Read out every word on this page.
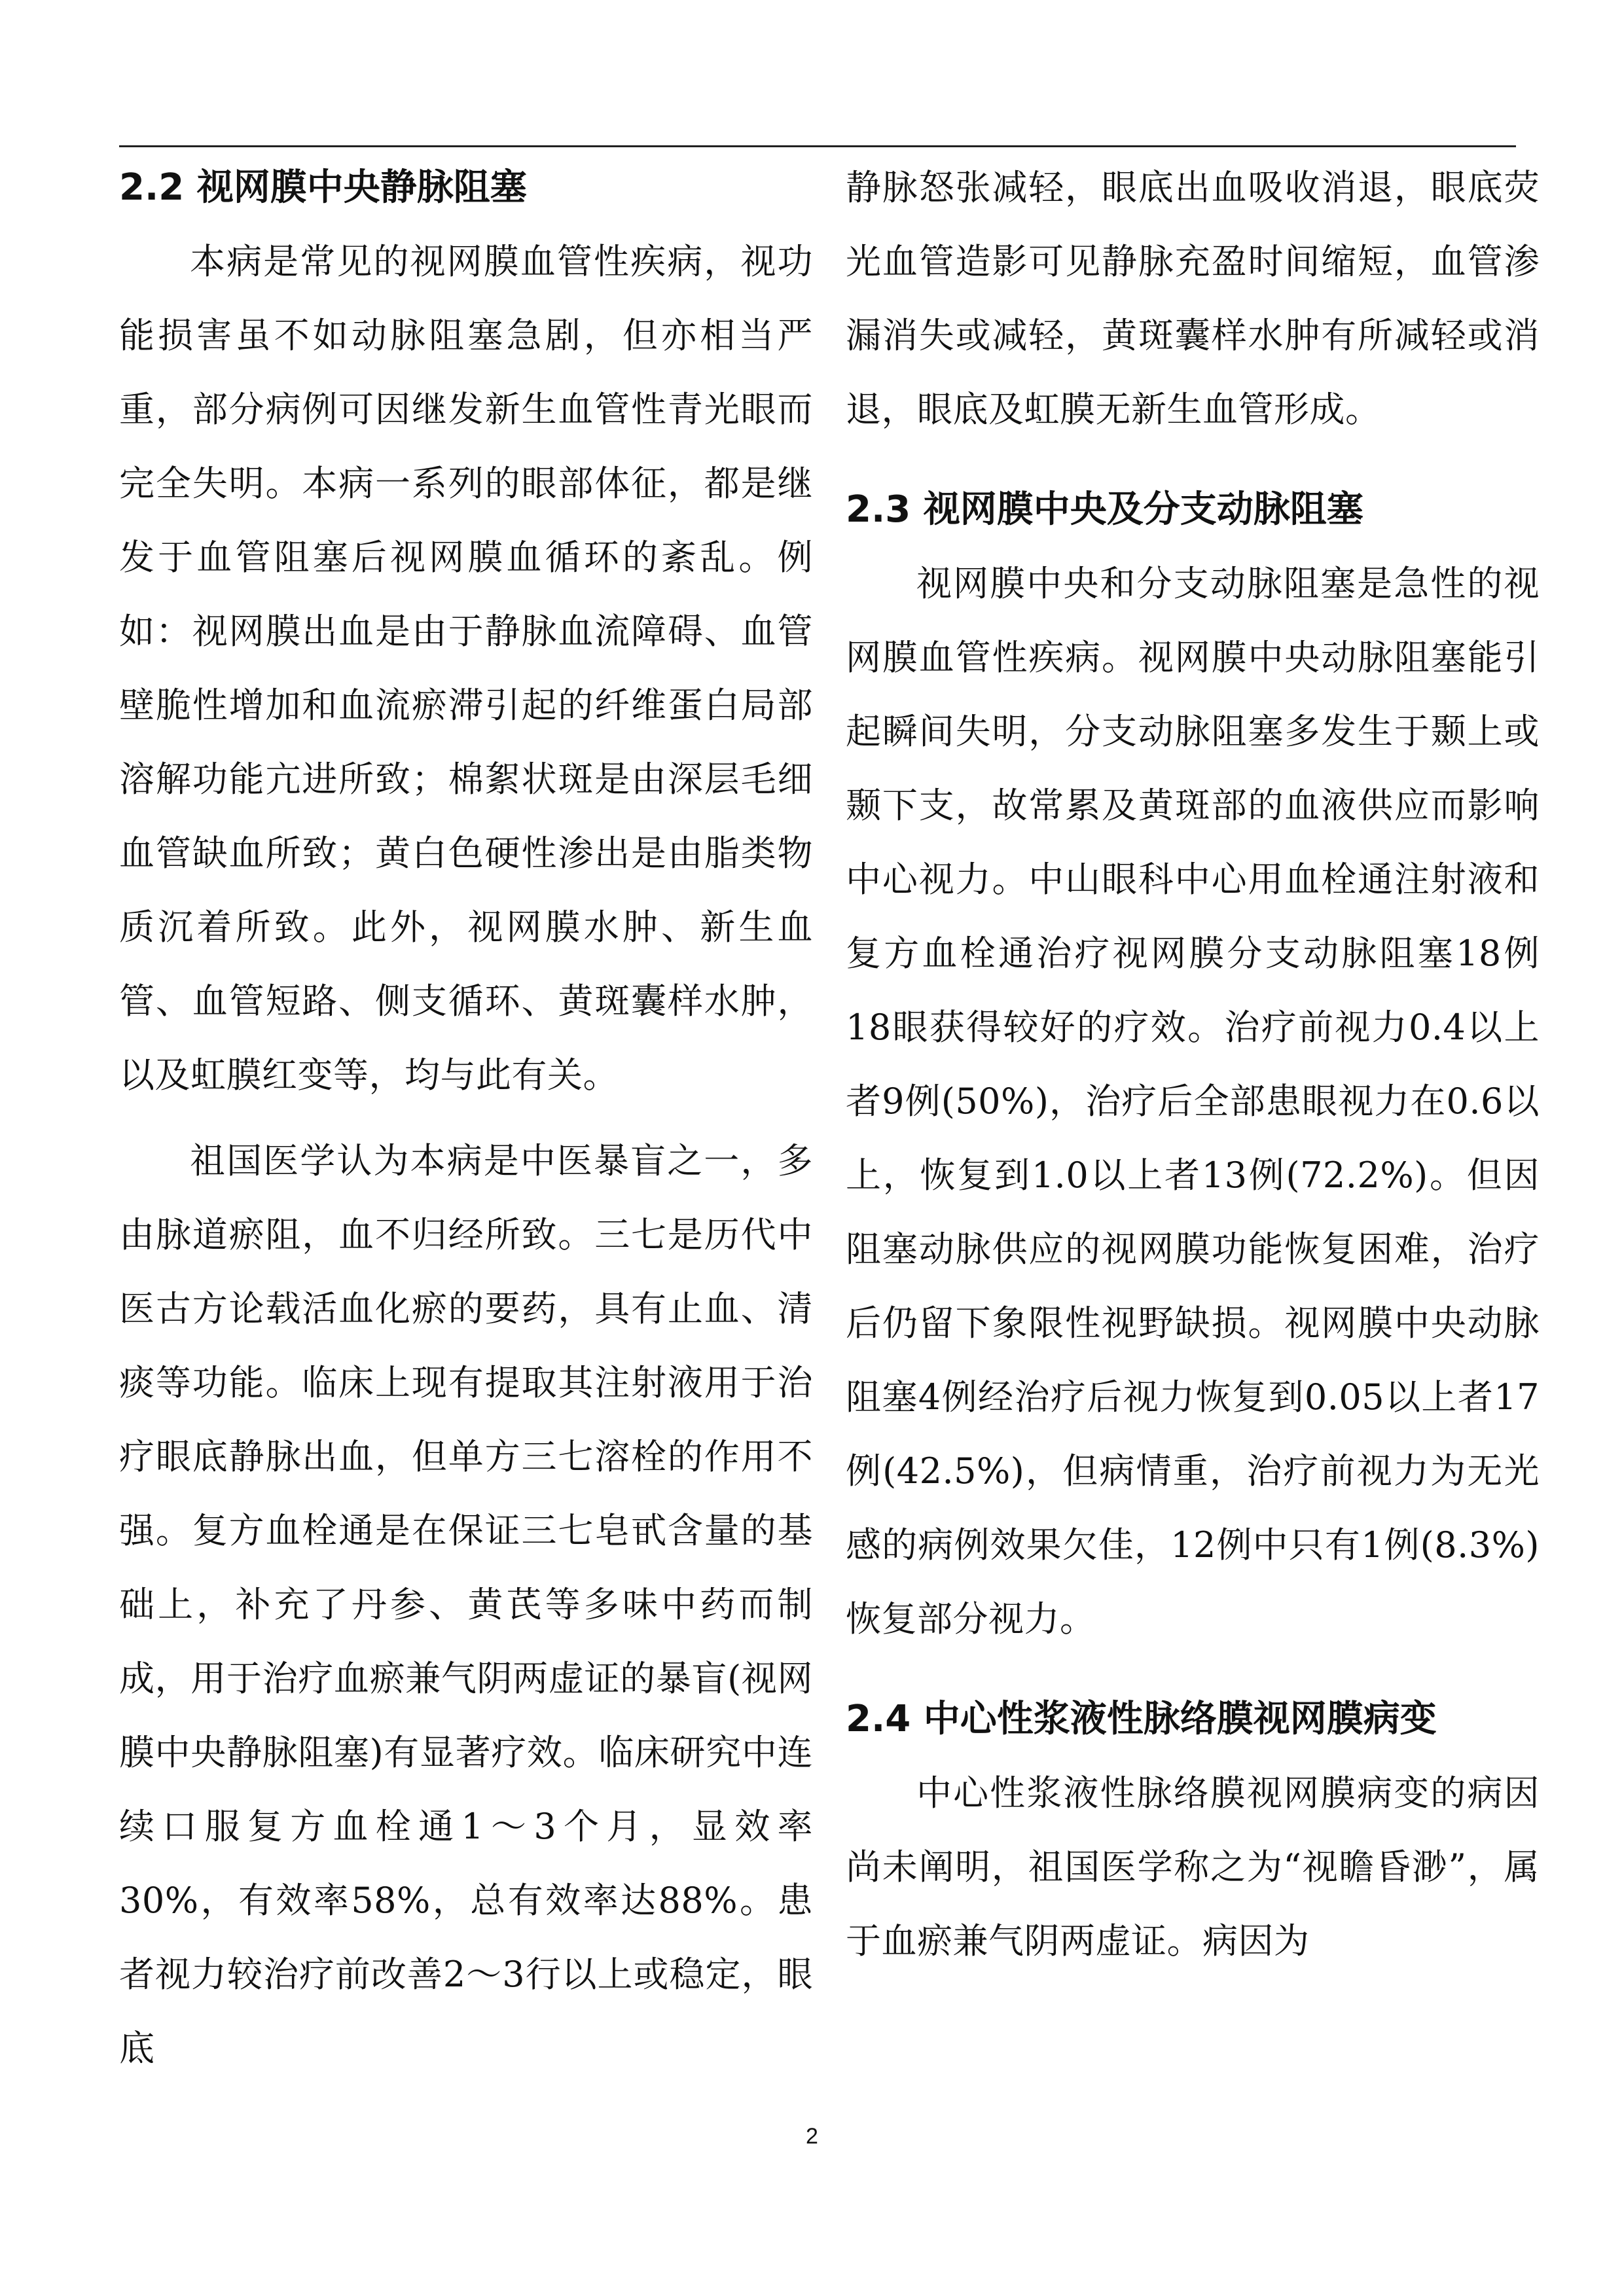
2.2 视网膜中央静脉阻塞

本病是常见的视网膜血管性疾病，视功能损害虽不如动脉阻塞急剧，但亦相当严重，部分病例可因继发新生血管性青光眼而完全失明。本病一系列的眼部体征，都是继发于血管阻塞后视网膜血循环的紊乱。例如：视网膜出血是由于静脉血流障碍、血管壁脆性增加和血流瘀滞引起的纤维蛋白局部溶解功能亢进所致；棉絮状斑是由深层毛细血管缺血所致；黄白色硬性渗出是由脂类物质沉着所致。此外，视网膜水肿、新生血管、血管短路、侧支循环、黄斑囊样水肿，以及虹膜红变等，均与此有关。

祖国医学认为本病是中医暴盲之一，多由脉道瘀阻，血不归经所致。三七是历代中医古方论载活血化瘀的要药，具有止血、清痰等功能。临床上现有提取其注射液用于治疗眼底静脉出血，但单方三七溶栓的作用不强。复方血栓通是在保证三七皂甙含量的基础上，补充了丹参、黄芪等多味中药而制成，用于治疗血瘀兼气阴两虚证的暴盲(视网膜中央静脉阻塞)有显著疗效。临床研究中连续口服复方血栓通1～3个月，显效率30%，有效率58%，总有效率达88%。患者视力较治疗前改善2～3行以上或稳定，眼底

静脉怒张减轻，眼底出血吸收消退，眼底荧光血管造影可见静脉充盈时间缩短，血管渗漏消失或减轻，黄斑囊样水肿有所减轻或消退，眼底及虹膜无新生血管形成。

2.3 视网膜中央及分支动脉阻塞

视网膜中央和分支动脉阻塞是急性的视网膜血管性疾病。视网膜中央动脉阻塞能引起瞬间失明，分支动脉阻塞多发生于颞上或颞下支，故常累及黄斑部的血液供应而影响中心视力。中山眼科中心用血栓通注射液和复方血栓通治疗视网膜分支动脉阻塞18例18眼获得较好的疗效。治疗前视力0.4以上者9例(50%)，治疗后全部患眼视力在0.6以上，恢复到1.0以上者13例(72.2%)。但因阻塞动脉供应的视网膜功能恢复困难，治疗后仍留下象限性视野缺损。视网膜中央动脉阻塞4例经治疗后视力恢复到0.05以上者17例(42.5%)，但病情重，治疗前视力为无光感的病例效果欠佳，12例中只有1例(8.3%)恢复部分视力。

2.4 中心性浆液性脉络膜视网膜病变

中心性浆液性脉络膜视网膜病变的病因尚未阐明，祖国医学称之为“视瞻昏渺”，属于血瘀兼气阴两虚证。病因为

2
